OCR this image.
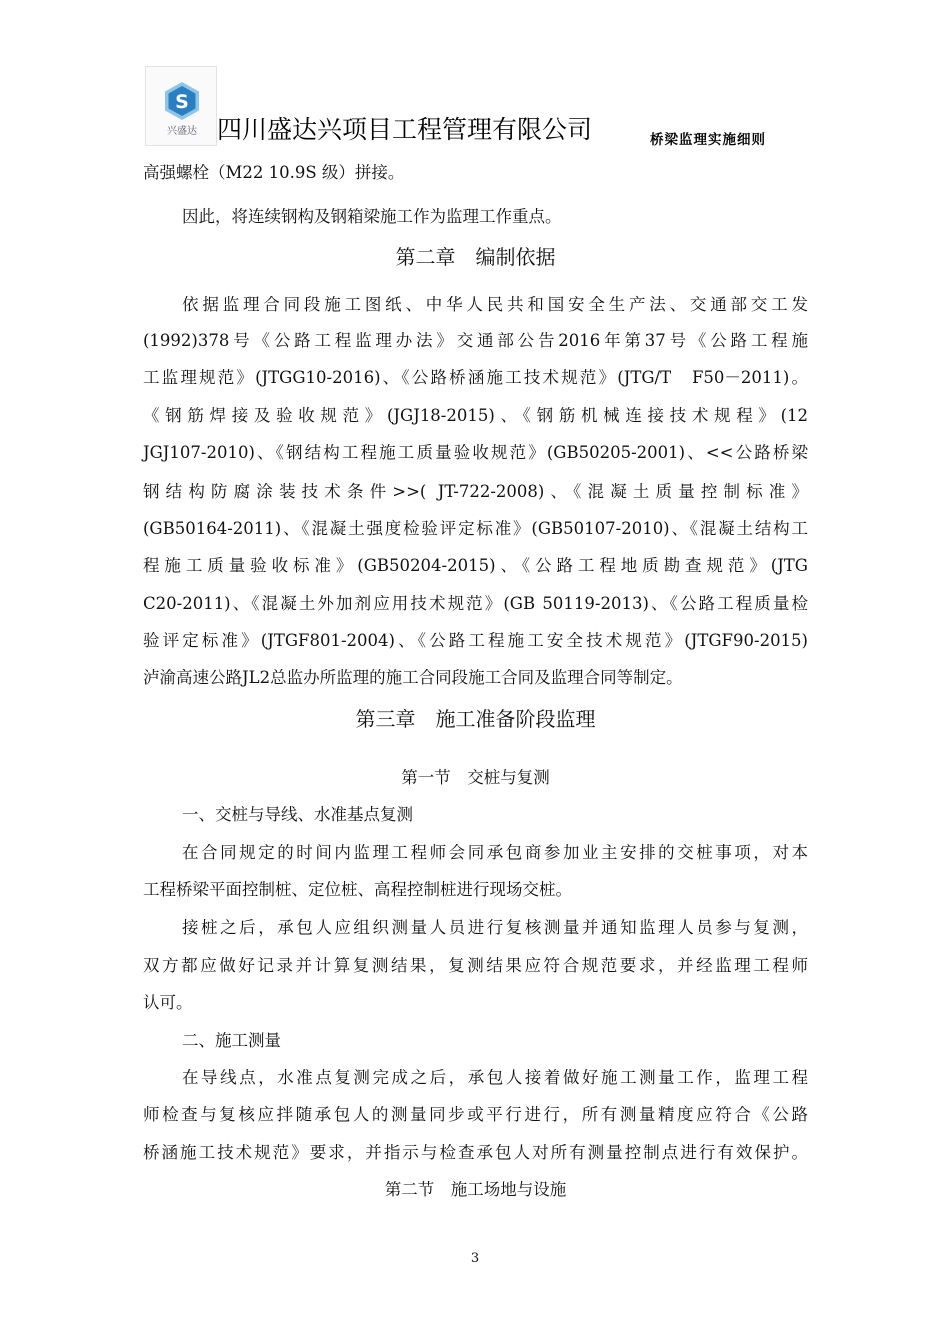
S
兴盛达 四川盛达兴项目工程管理有限公司	桥梁监理实施细则
高强螺栓（M22 10.9S 级）拼接。
因此，将连续钢构及钢箱梁施工作为监理工作重点。
第二章　编制依据
依据监理合同段施工图纸、中华人民共和国安全生产法、交通部交工发
(1992)378号《公路工程监理办法》交通部公告2016年第37号《公路工程施
工监理规范》(JTGG10-2016)、《公路桥涵施工技术规范》(JTG/T　F50－2011)。
《钢筋焊接及验收规范》(JGJ18-2015)、《钢筋机械连接技术规程》(12
JGJ107-2010)、《钢结构工程施工质量验收规范》(GB50205-2001)、<<公路桥梁
钢结构防腐涂装技术条件>>( JT-722-2008)、《混凝土质量控制标准》
(GB50164-2011)、《混凝土强度检验评定标准》(GB50107-2010)、《混凝土结构工
程施工质量验收标准》(GB50204-2015)、《公路工程地质勘查规范》(JTG
C20-2011)、《混凝土外加剂应用技术规范》(GB 50119-2013)、《公路工程质量检
验评定标准》(JTGF801-2004)、《公路工程施工安全技术规范》(JTGF90-2015)
泸渝高速公路JL2总监办所监理的施工合同段施工合同及监理合同等制定。
第三章　施工准备阶段监理
第一节　交桩与复测
一、交桩与导线、水准基点复测
在合同规定的时间内监理工程师会同承包商参加业主安排的交桩事项，对本
工程桥梁平面控制桩、定位桩、高程控制桩进行现场交桩。
接桩之后，承包人应组织测量人员进行复核测量并通知监理人员参与复测，
双方都应做好记录并计算复测结果，复测结果应符合规范要求，并经监理工程师
认可。
二、施工测量
在导线点，水准点复测完成之后，承包人接着做好施工测量工作，监理工程
师检查与复核应拌随承包人的测量同步或平行进行，所有测量精度应符合《公路
桥涵施工技术规范》要求，并指示与检查承包人对所有测量控制点进行有效保护。
第二节　施工场地与设施
3
